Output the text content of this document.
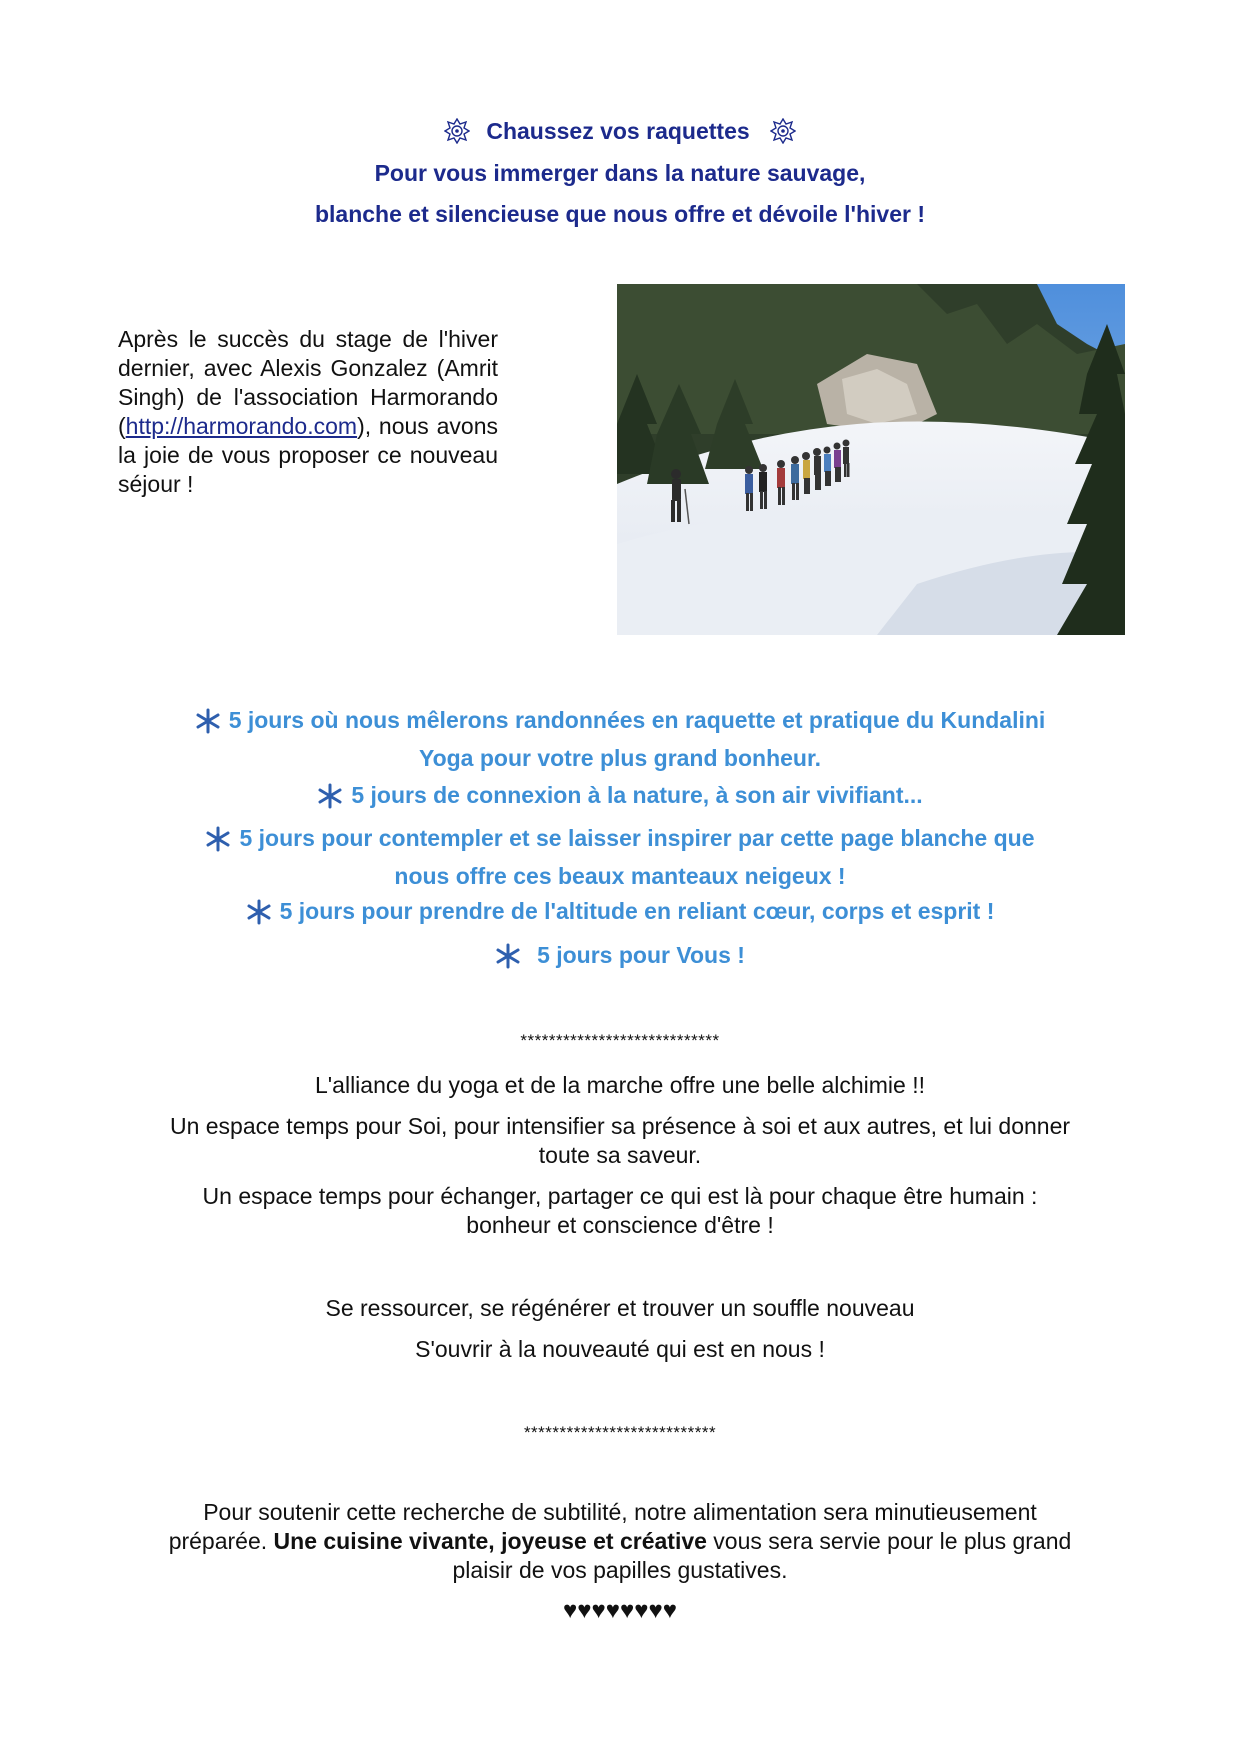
Chaussez vos raquettes
Pour vous immerger dans la nature sauvage,
blanche et silencieuse que nous offre et dévoile l'hiver !
Après le succès du stage de l'hiver dernier, avec Alexis Gonzalez (Amrit Singh) de l'association Harmorando (http://harmorando.com), nous avons la joie de vous proposer ce nouveau séjour !
5 jours où nous mêlerons randonnées en raquette et pratique du Kundalini
Yoga pour votre plus grand bonheur.
5 jours de connexion à la nature, à son air vivifiant...
5 jours pour contempler et se laisser inspirer par cette page blanche que
nous offre ces beaux manteaux neigeux !
5 jours pour prendre de l'altitude en reliant cœur, corps et esprit !
5 jours pour Vous !
****************************
L'alliance du yoga et de la marche offre une belle alchimie !!
Un espace temps pour Soi, pour intensifier sa présence à soi et aux autres, et lui donner
toute sa saveur.
Un espace temps pour échanger, partager ce qui est là pour chaque être humain :
bonheur et conscience d'être !
Se ressourcer, se régénérer et trouver un souffle nouveau
S'ouvrir à la nouveauté qui est en nous !
***************************
Pour soutenir cette recherche de subtilité, notre alimentation sera minutieusement
préparée. Une cuisine vivante, joyeuse et créative vous sera servie pour le plus grand
plaisir de vos papilles gustatives.
♥♥♥♥♥♥♥♥
